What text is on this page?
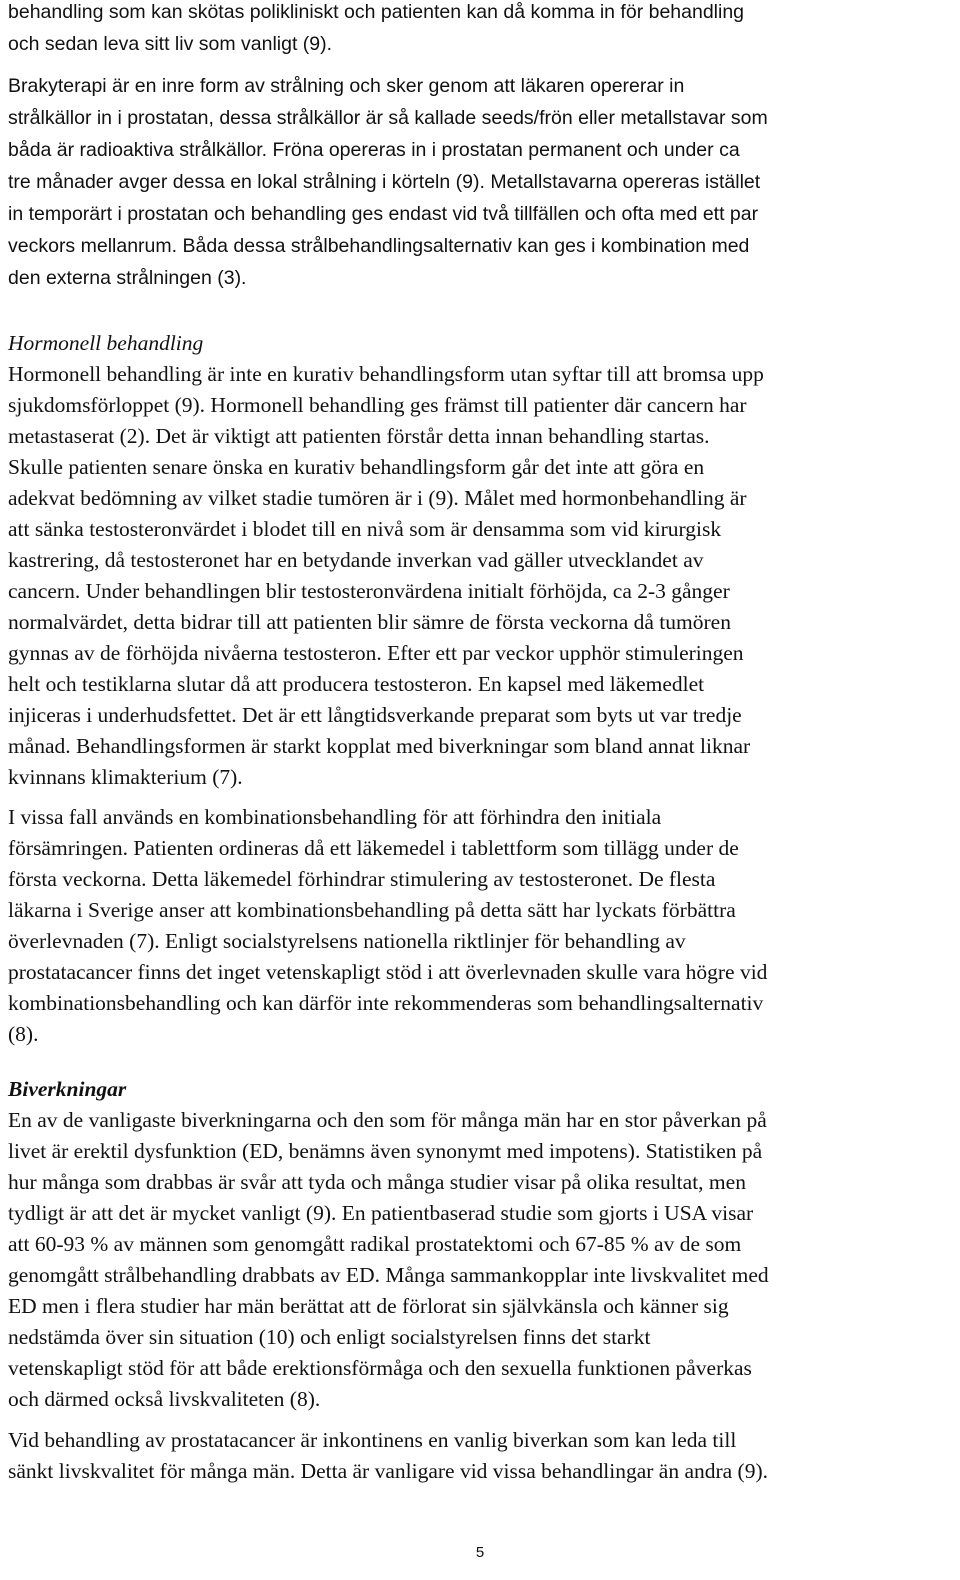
behandling som kan skötas polikliniskt och patienten kan då komma in för behandling
och sedan leva sitt liv som vanligt (9).
Brakyterapi är en inre form av strålning och sker genom att läkaren opererar in
strålkällor in i prostatan, dessa strålkällor är så kallade seeds/frön eller metallstavar som
båda är radioaktiva strålkällor. Fröna opereras in i prostatan permanent och under ca
tre månader avger dessa en lokal strålning i körteln (9). Metallstavarna opereras istället
in temporärt i prostatan och behandling ges endast vid två tillfällen och ofta med ett par
veckors mellanrum. Båda dessa strålbehandlingsalternativ kan ges i kombination med
den externa strålningen (3).
Hormonell behandling
Hormonell behandling är inte en kurativ behandlingsform utan syftar till att bromsa upp
sjukdomsförloppet (9). Hormonell behandling ges främst till patienter där cancern har
metastaserat (2). Det är viktigt att patienten förstår detta innan behandling startas.
Skulle patienten senare önska en kurativ behandlingsform går det inte att göra en
adekvat bedömning av vilket stadie tumören är i (9). Målet med hormonbehandling är
att sänka testosteronvärdet i blodet till en nivå som är densamma som vid kirurgisk
kastrering, då testosteronet har en betydande inverkan vad gäller utvecklandet av
cancern. Under behandlingen blir testosteronvärdena initialt förhöjda, ca 2-3 gånger
normalvärdet, detta bidrar till att patienten blir sämre de första veckorna då tumören
gynnas av de förhöjda nivåerna testosteron. Efter ett par veckor upphör stimuleringen
helt och testiklarna slutar då att producera testosteron. En kapsel med läkemedlet
injiceras i underhudsfettet. Det är ett långtidsverkande preparat som byts ut var tredje
månad. Behandlingsformen är starkt kopplat med biverkningar som bland annat liknar
kvinnans klimakterium (7).
I vissa fall används en kombinationsbehandling för att förhindra den initiala
försämringen. Patienten ordineras då ett läkemedel i tablettform som tillägg under de
första veckorna. Detta läkemedel förhindrar stimulering av testosteronet. De flesta
läkarna i Sverige anser att kombinationsbehandling på detta sätt har lyckats förbättra
överlevnaden (7). Enligt socialstyrelsens nationella riktlinjer för behandling av
prostatacancer finns det inget vetenskapligt stöd i att överlevnaden skulle vara högre vid
kombinationsbehandling och kan därför inte rekommenderas som behandlingsalternativ
(8).
Biverkningar
En av de vanligaste biverkningarna och den som för många män har en stor påverkan på
livet är erektil dysfunktion (ED, benämns även synonymt med impotens). Statistiken på
hur många som drabbas är svår att tyda och många studier visar på olika resultat, men
tydligt är att det är mycket vanligt (9). En patientbaserad studie som gjorts i USA visar
att 60-93 % av männen som genomgått radikal prostatektomi och 67-85 % av de som
genomgått strålbehandling drabbats av ED. Många sammankopplar inte livskvalitet med
ED men i flera studier har män berättat att de förlorat sin självkänsla och känner sig
nedstämda över sin situation (10) och enligt socialstyrelsen finns det starkt
vetenskapligt stöd för att både erektionsförmåga och den sexuella funktionen påverkas
och därmed också livskvaliteten (8).
Vid behandling av prostatacancer är inkontinens en vanlig biverkan som kan leda till
sänkt livskvalitet för många män. Detta är vanligare vid vissa behandlingar än andra (9).
5
